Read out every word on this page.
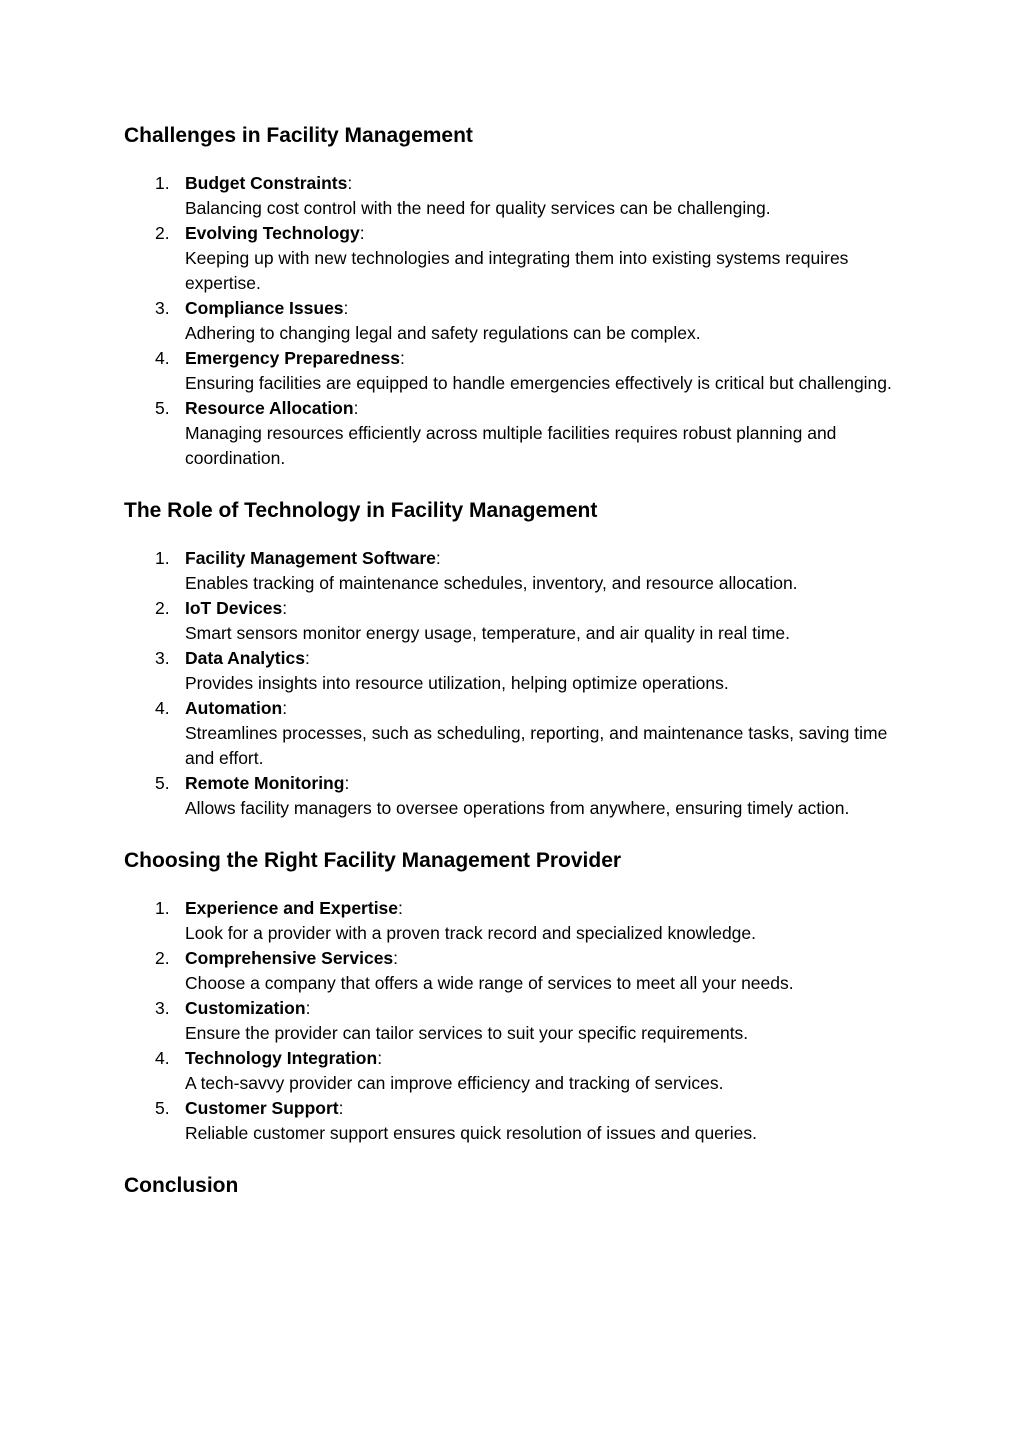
Challenges in Facility Management
1. Budget Constraints:
Balancing cost control with the need for quality services can be challenging.
2. Evolving Technology:
Keeping up with new technologies and integrating them into existing systems requires expertise.
3. Compliance Issues:
Adhering to changing legal and safety regulations can be complex.
4. Emergency Preparedness:
Ensuring facilities are equipped to handle emergencies effectively is critical but challenging.
5. Resource Allocation:
Managing resources efficiently across multiple facilities requires robust planning and coordination.
The Role of Technology in Facility Management
1. Facility Management Software:
Enables tracking of maintenance schedules, inventory, and resource allocation.
2. IoT Devices:
Smart sensors monitor energy usage, temperature, and air quality in real time.
3. Data Analytics:
Provides insights into resource utilization, helping optimize operations.
4. Automation:
Streamlines processes, such as scheduling, reporting, and maintenance tasks, saving time and effort.
5. Remote Monitoring:
Allows facility managers to oversee operations from anywhere, ensuring timely action.
Choosing the Right Facility Management Provider
1. Experience and Expertise:
Look for a provider with a proven track record and specialized knowledge.
2. Comprehensive Services:
Choose a company that offers a wide range of services to meet all your needs.
3. Customization:
Ensure the provider can tailor services to suit your specific requirements.
4. Technology Integration:
A tech-savvy provider can improve efficiency and tracking of services.
5. Customer Support:
Reliable customer support ensures quick resolution of issues and queries.
Conclusion
